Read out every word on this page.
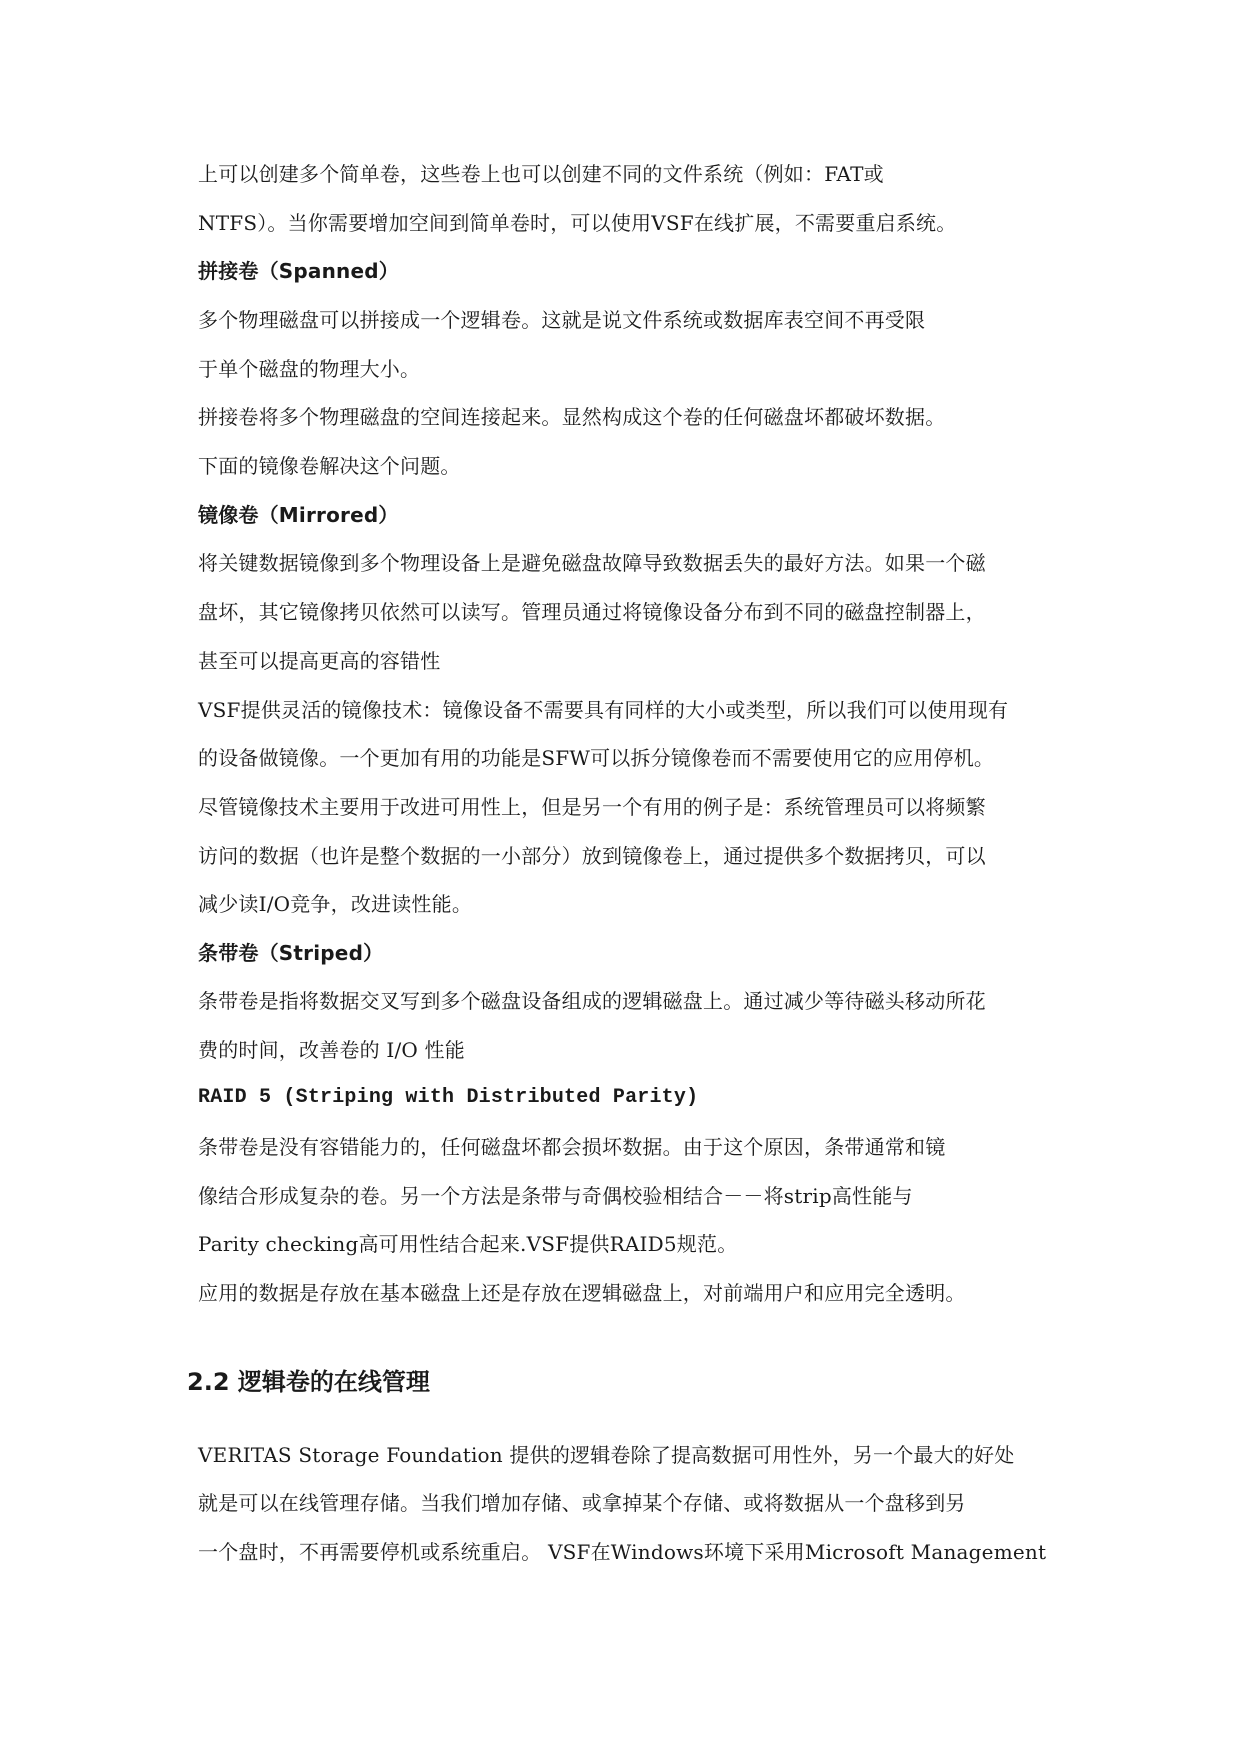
上可以创建多个简单卷，这些卷上也可以创建不同的文件系统（例如：FAT或
NTFS）。当你需要增加空间到简单卷时，可以使用VSF在线扩展，不需要重启系统。
拼接卷（Spanned）
多个物理磁盘可以拼接成一个逻辑卷。这就是说文件系统或数据库表空间不再受限
于单个磁盘的物理大小。
拼接卷将多个物理磁盘的空间连接起来。显然构成这个卷的任何磁盘坏都破坏数据。
下面的镜像卷解决这个问题。
镜像卷（Mirrored）
将关键数据镜像到多个物理设备上是避免磁盘故障导致数据丢失的最好方法。如果一个磁
盘坏，其它镜像拷贝依然可以读写。管理员通过将镜像设备分布到不同的磁盘控制器上，
甚至可以提高更高的容错性
VSF提供灵活的镜像技术：镜像设备不需要具有同样的大小或类型，所以我们可以使用现有
的设备做镜像。一个更加有用的功能是SFW可以拆分镜像卷而不需要使用它的应用停机。
尽管镜像技术主要用于改进可用性上，但是另一个有用的例子是：系统管理员可以将频繁
访问的数据（也许是整个数据的一小部分）放到镜像卷上，通过提供多个数据拷贝，可以
减少读I/O竞争，改进读性能。
条带卷（Striped）
条带卷是指将数据交叉写到多个磁盘设备组成的逻辑磁盘上。通过减少等待磁头移动所花
费的时间，改善卷的 I/O 性能
RAID 5 (Striping with Distributed Parity)
条带卷是没有容错能力的，任何磁盘坏都会损坏数据。由于这个原因，条带通常和镜
像结合形成复杂的卷。另一个方法是条带与奇偶校验相结合－－将strip高性能与
Parity checking高可用性结合起来.VSF提供RAID5规范。
应用的数据是存放在基本磁盘上还是存放在逻辑磁盘上，对前端用户和应用完全透明。
2.2 逻辑卷的在线管理
VERITAS Storage Foundation 提供的逻辑卷除了提高数据可用性外，另一个最大的好处
就是可以在线管理存储。当我们增加存储、或拿掉某个存储、或将数据从一个盘移到另
一个盘时，不再需要停机或系统重启。 VSF在Windows环境下采用Microsoft Management
